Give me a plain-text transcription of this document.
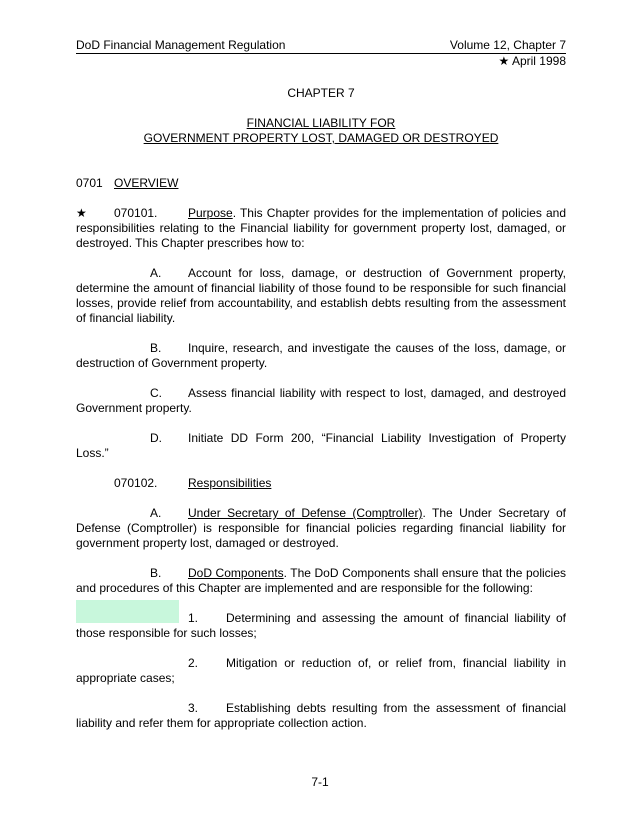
DoD Financial Management Regulation	Volume 12, Chapter 7
★ April 1998
CHAPTER 7
FINANCIAL LIABILITY FOR
GOVERNMENT PROPERTY LOST, DAMAGED OR DESTROYED
0701 OVERVIEW

★ 070101.	Purpose. This Chapter provides for the implementation of policies and responsibilities relating to the Financial liability for government property lost, damaged, or destroyed. This Chapter prescribes how to:

A. Account for loss, damage, or destruction of Government property, determine the amount of financial liability of those found to be responsible for such financial losses, provide relief from accountability, and establish debts resulting from the assessment of financial liability.

B. Inquire, research, and investigate the causes of the loss, damage, or destruction of Government property.

C. Assess financial liability with respect to lost, damaged, and destroyed Government property.

D. Initiate DD Form 200, “Financial Liability Investigation of Property Loss.”

070102.	Responsibilities

A. Under Secretary of Defense (Comptroller). The Under Secretary of Defense (Comptroller) is responsible for financial policies regarding financial liability for government property lost, damaged or destroyed.

B. DoD Components. The DoD Components shall ensure that the policies and procedures of this Chapter are implemented and are responsible for the following:

1. Determining and assessing the amount of financial liability of those responsible for such losses;

2. Mitigation or reduction of, or relief from, financial liability in appropriate cases;

3. Establishing debts resulting from the assessment of financial liability and refer them for appropriate collection action.

7-1
